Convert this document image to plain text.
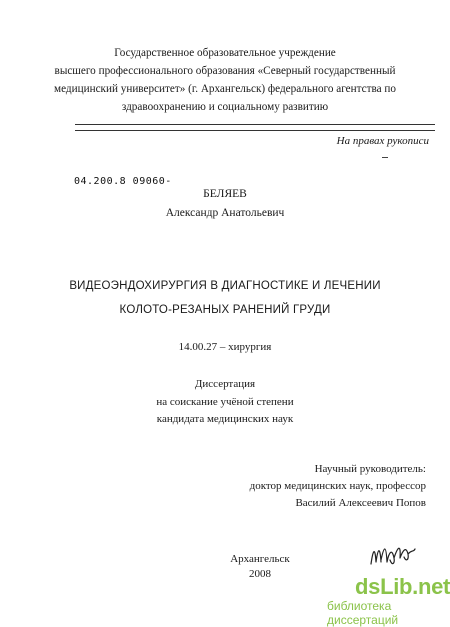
Государственное образовательное учреждение
высшего профессионального образования «Северный государственный
медицинский университет» (г. Архангельск) федерального агентства по
здравоохранению и социальному развитию
На правах рукописи
04.200.8 09060-
БЕЛЯЕВ
Александр Анатольевич
ВИДЕОЭНДОХИРУРГИЯ В ДИАГНОСТИКЕ И ЛЕЧЕНИИ
КОЛОТО-РЕЗАНЫХ РАНЕНИЙ ГРУДИ
14.00.27 – хирургия
Диссертация
на соискание учёной степени
кандидата медицинских наук
Научный руководитель:
доктор медицинских наук, профессор
Василий Алексеевич Попов
Архангельск
2008	dsLib.net
библиотека диссертаций
